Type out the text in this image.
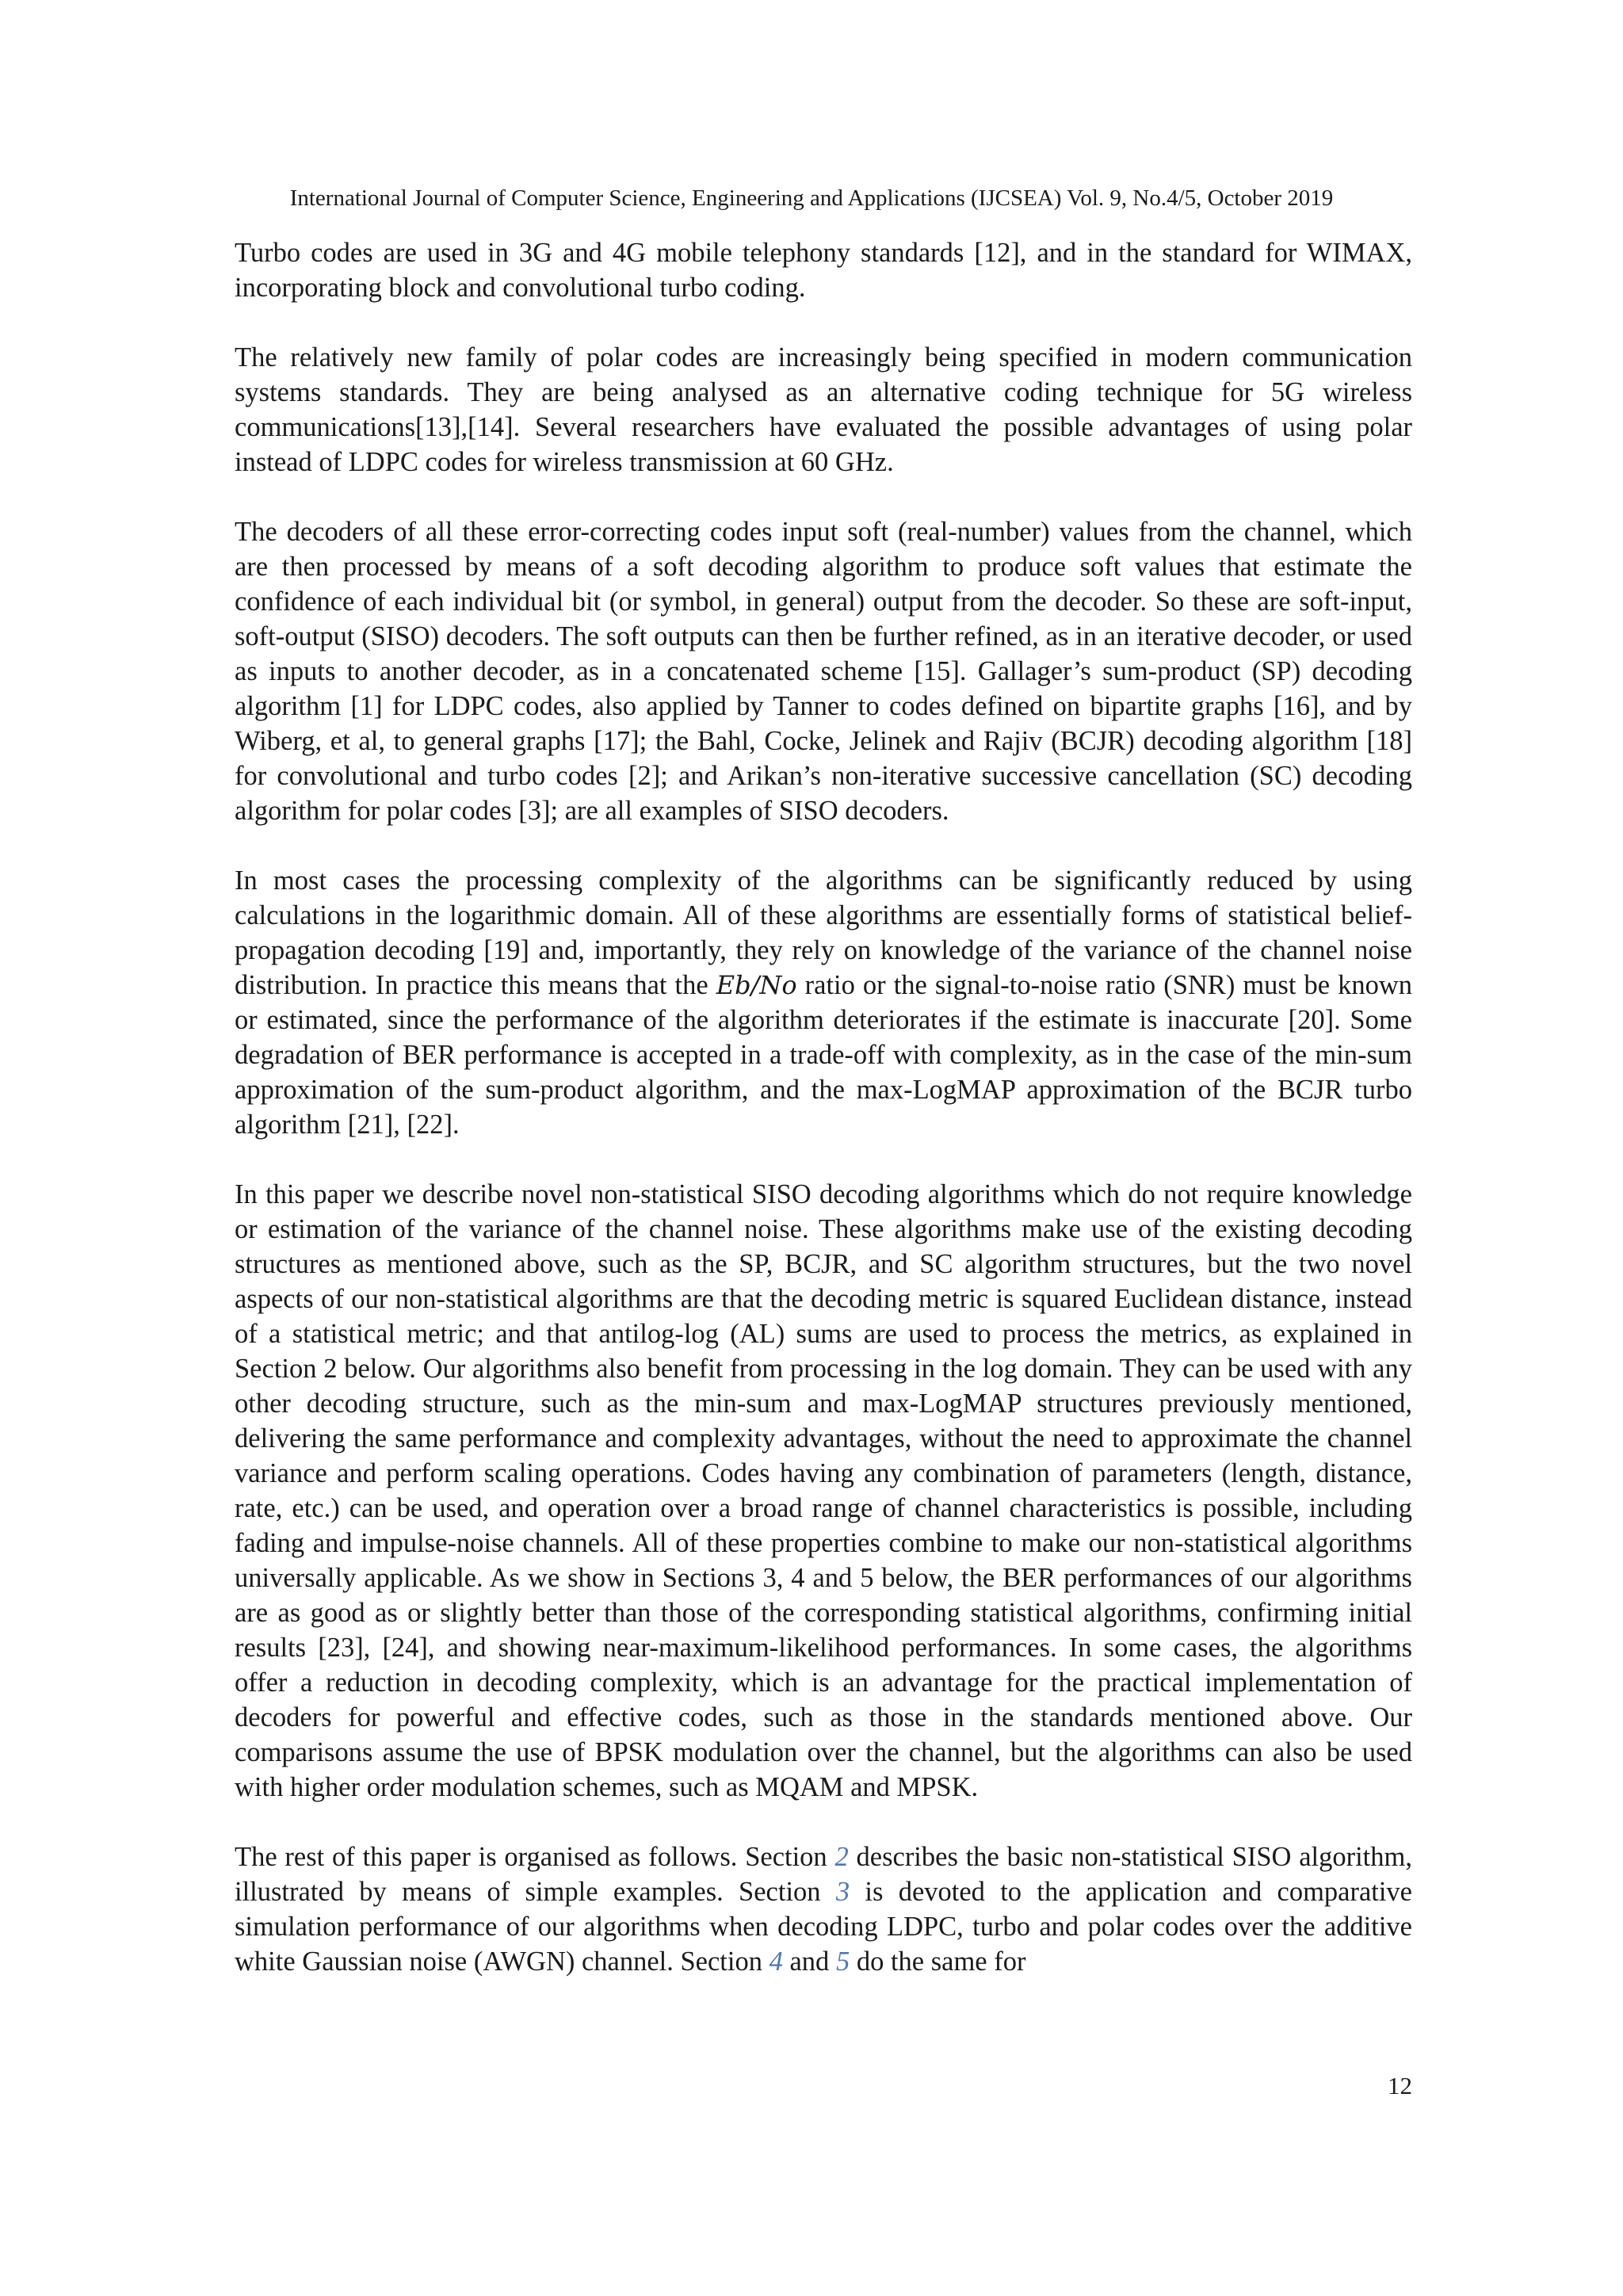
International Journal of Computer Science, Engineering and Applications (IJCSEA) Vol. 9, No.4/5, October 2019

Turbo codes are used in 3G and 4G mobile telephony standards [12], and in the standard for WIMAX, incorporating block and convolutional turbo coding.

The relatively new family of polar codes are increasingly being specified in modern communication systems standards. They are being analysed as an alternative coding technique for 5G wireless communications[13],[14]. Several researchers have evaluated the possible advantages of using polar instead of LDPC codes for wireless transmission at 60 GHz.

The decoders of all these error-correcting codes input soft (real-number) values from the channel, which are then processed by means of a soft decoding algorithm to produce soft values that estimate the confidence of each individual bit (or symbol, in general) output from the decoder. So these are soft-input, soft-output (SISO) decoders. The soft outputs can then be further refined, as in an iterative decoder, or used as inputs to another decoder, as in a concatenated scheme [15]. Gallager’s sum-product (SP) decoding algorithm [1] for LDPC codes, also applied by Tanner to codes defined on bipartite graphs [16], and by Wiberg, et al, to general graphs [17]; the Bahl, Cocke, Jelinek and Rajiv (BCJR) decoding algorithm [18] for convolutional and turbo codes [2]; and Arikan’s non-iterative successive cancellation (SC) decoding algorithm for polar codes [3]; are all examples of SISO decoders.

In most cases the processing complexity of the algorithms can be significantly reduced by using calculations in the logarithmic domain. All of these algorithms are essentially forms of statistical belief-propagation decoding [19] and, importantly, they rely on knowledge of the variance of the channel noise distribution. In practice this means that the Eb/No ratio or the signal-to-noise ratio (SNR) must be known or estimated, since the performance of the algorithm deteriorates if the estimate is inaccurate [20]. Some degradation of BER performance is accepted in a trade-off with complexity, as in the case of the min-sum approximation of the sum-product algorithm, and the max-LogMAP approximation of the BCJR turbo algorithm [21], [22].

In this paper we describe novel non-statistical SISO decoding algorithms which do not require knowledge or estimation of the variance of the channel noise. These algorithms make use of the existing decoding structures as mentioned above, such as the SP, BCJR, and SC algorithm structures, but the two novel aspects of our non-statistical algorithms are that the decoding metric is squared Euclidean distance, instead of a statistical metric; and that antilog-log (AL) sums are used to process the metrics, as explained in Section 2 below. Our algorithms also benefit from processing in the log domain. They can be used with any other decoding structure, such as the min-sum and max-LogMAP structures previously mentioned, delivering the same performance and complexity advantages, without the need to approximate the channel variance and perform scaling operations. Codes having any combination of parameters (length, distance, rate, etc.) can be used, and operation over a broad range of channel characteristics is possible, including fading and impulse-noise channels. All of these properties combine to make our non-statistical algorithms universally applicable. As we show in Sections 3, 4 and 5 below, the BER performances of our algorithms are as good as or slightly better than those of the corresponding statistical algorithms, confirming initial results [23], [24], and showing near-maximum-likelihood performances. In some cases, the algorithms offer a reduction in decoding complexity, which is an advantage for the practical implementation of decoders for powerful and effective codes, such as those in the standards mentioned above. Our comparisons assume the use of BPSK modulation over the channel, but the algorithms can also be used with higher order modulation schemes, such as MQAM and MPSK.

The rest of this paper is organised as follows. Section 2 describes the basic non-statistical SISO algorithm, illustrated by means of simple examples. Section 3 is devoted to the application and comparative simulation performance of our algorithms when decoding LDPC, turbo and polar codes over the additive white Gaussian noise (AWGN) channel. Section 4 and 5 do the same for

12
